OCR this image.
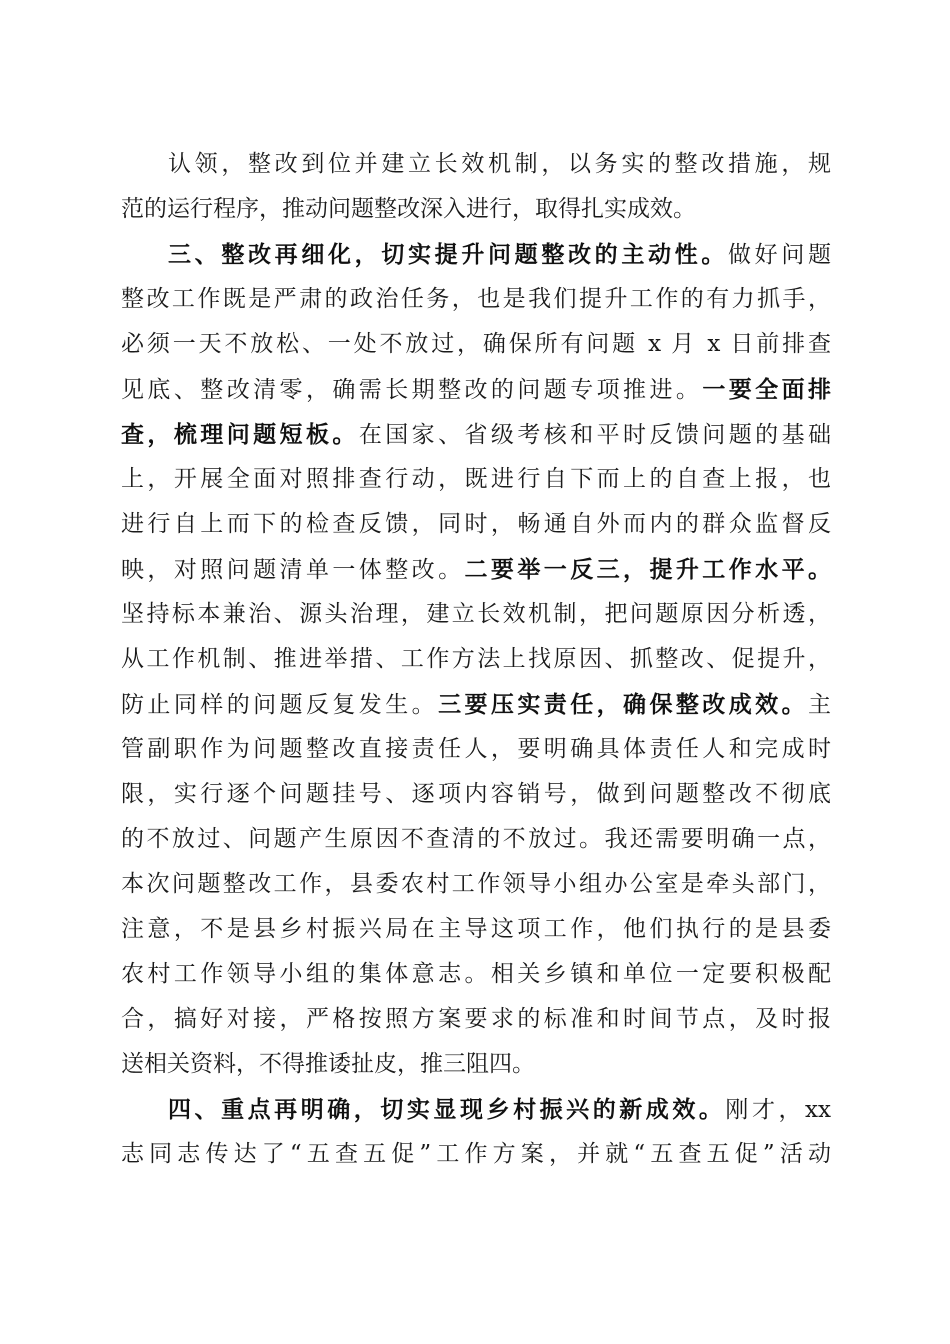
认领，整改到位并建立长效机制，以务实的整改措施，规
范的运行程序，推动问题整改深入进行，取得扎实成效。
三、整改再细化，切实提升问题整改的主动性。做好问题
整改工作既是严肃的政治任务，也是我们提升工作的有力抓手，
必须一天不放松、一处不放过，确保所有问题 x 月 x 日前排查
见底、整改清零，确需长期整改的问题专项推进。一要全面排
查，梳理问题短板。在国家、省级考核和平时反馈问题的基础
上，开展全面对照排查行动，既进行自下而上的自查上报，也
进行自上而下的检查反馈，同时，畅通自外而内的群众监督反
映，对照问题清单一体整改。二要举一反三，提升工作水平。
坚持标本兼治、源头治理，建立长效机制，把问题原因分析透，
从工作机制、推进举措、工作方法上找原因、抓整改、促提升，
防止同样的问题反复发生。三要压实责任，确保整改成效。主
管副职作为问题整改直接责任人，要明确具体责任人和完成时
限，实行逐个问题挂号、逐项内容销号，做到问题整改不彻底
的不放过、问题产生原因不查清的不放过。我还需要明确一点，
本次问题整改工作，县委农村工作领导小组办公室是牵头部门，
注意，不是县乡村振兴局在主导这项工作，他们执行的是县委
农村工作领导小组的集体意志。相关乡镇和单位一定要积极配
合，搞好对接，严格按照方案要求的标准和时间节点，及时报
送相关资料，不得推诿扯皮，推三阻四。
四、重点再明确，切实显现乡村振兴的新成效。刚才，xx
志同志传达了“五查五促”工作方案，并就“五查五促”活动
